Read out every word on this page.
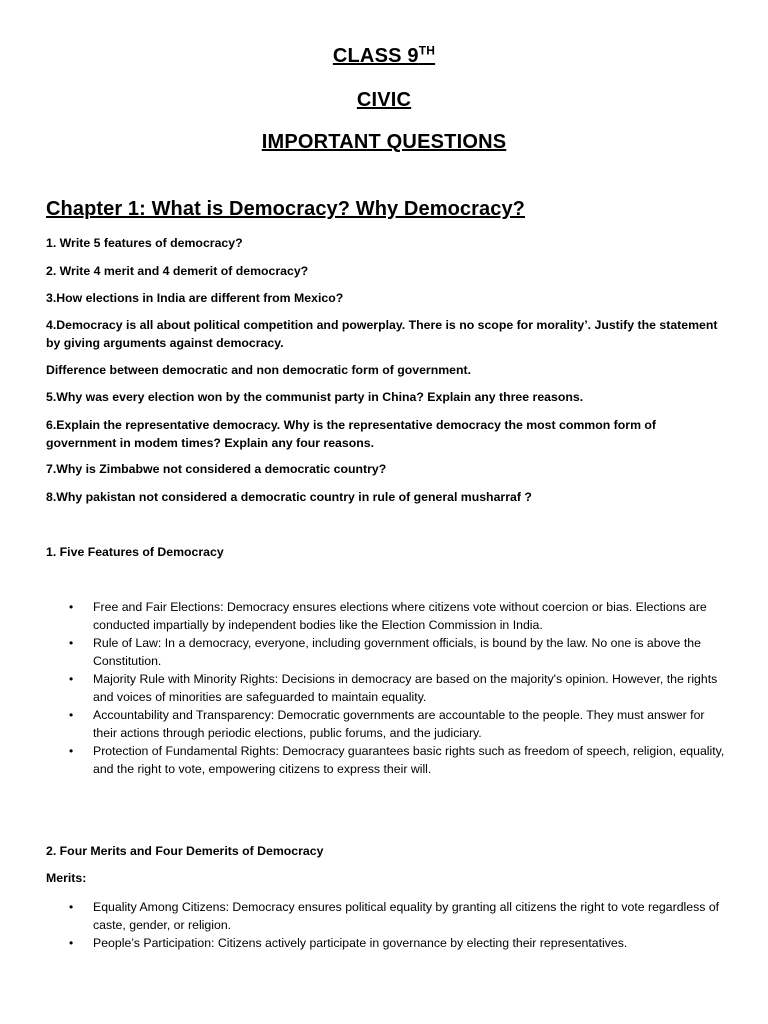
CLASS 9TH
CIVIC
IMPORTANT QUESTIONS
Chapter 1: What is Democracy? Why Democracy?
1. Write 5 features of democracy?
2. Write 4 merit and 4 demerit of democracy?
3.How elections in India are different from Mexico?
4.Democracy is all about political competition and powerplay. There is no scope for morality’. Justify the statement by giving arguments against democracy.
Difference between democratic and non democratic form of government.
5.Why was every election won by the communist party in China? Explain any three reasons.
6.Explain the representative democracy. Why is the representative democracy the most common form of government in modem times? Explain any four reasons.
7.Why is Zimbabwe not considered a democratic country?
8.Why pakistan not considered a democratic country in rule of general musharraf ?
1. Five Features of Democracy
• Free and Fair Elections: Democracy ensures elections where citizens vote without coercion or bias. Elections are conducted impartially by independent bodies like the Election Commission in India.
• Rule of Law: In a democracy, everyone, including government officials, is bound by the law. No one is above the Constitution.
• Majority Rule with Minority Rights: Decisions in democracy are based on the majority's opinion. However, the rights and voices of minorities are safeguarded to maintain equality.
• Accountability and Transparency: Democratic governments are accountable to the people. They must answer for their actions through periodic elections, public forums, and the judiciary.
• Protection of Fundamental Rights: Democracy guarantees basic rights such as freedom of speech, religion, equality, and the right to vote, empowering citizens to express their will.
2. Four Merits and Four Demerits of Democracy
Merits:
• Equality Among Citizens: Democracy ensures political equality by granting all citizens the right to vote regardless of caste, gender, or religion.
• People’s Participation: Citizens actively participate in governance by electing their representatives.
